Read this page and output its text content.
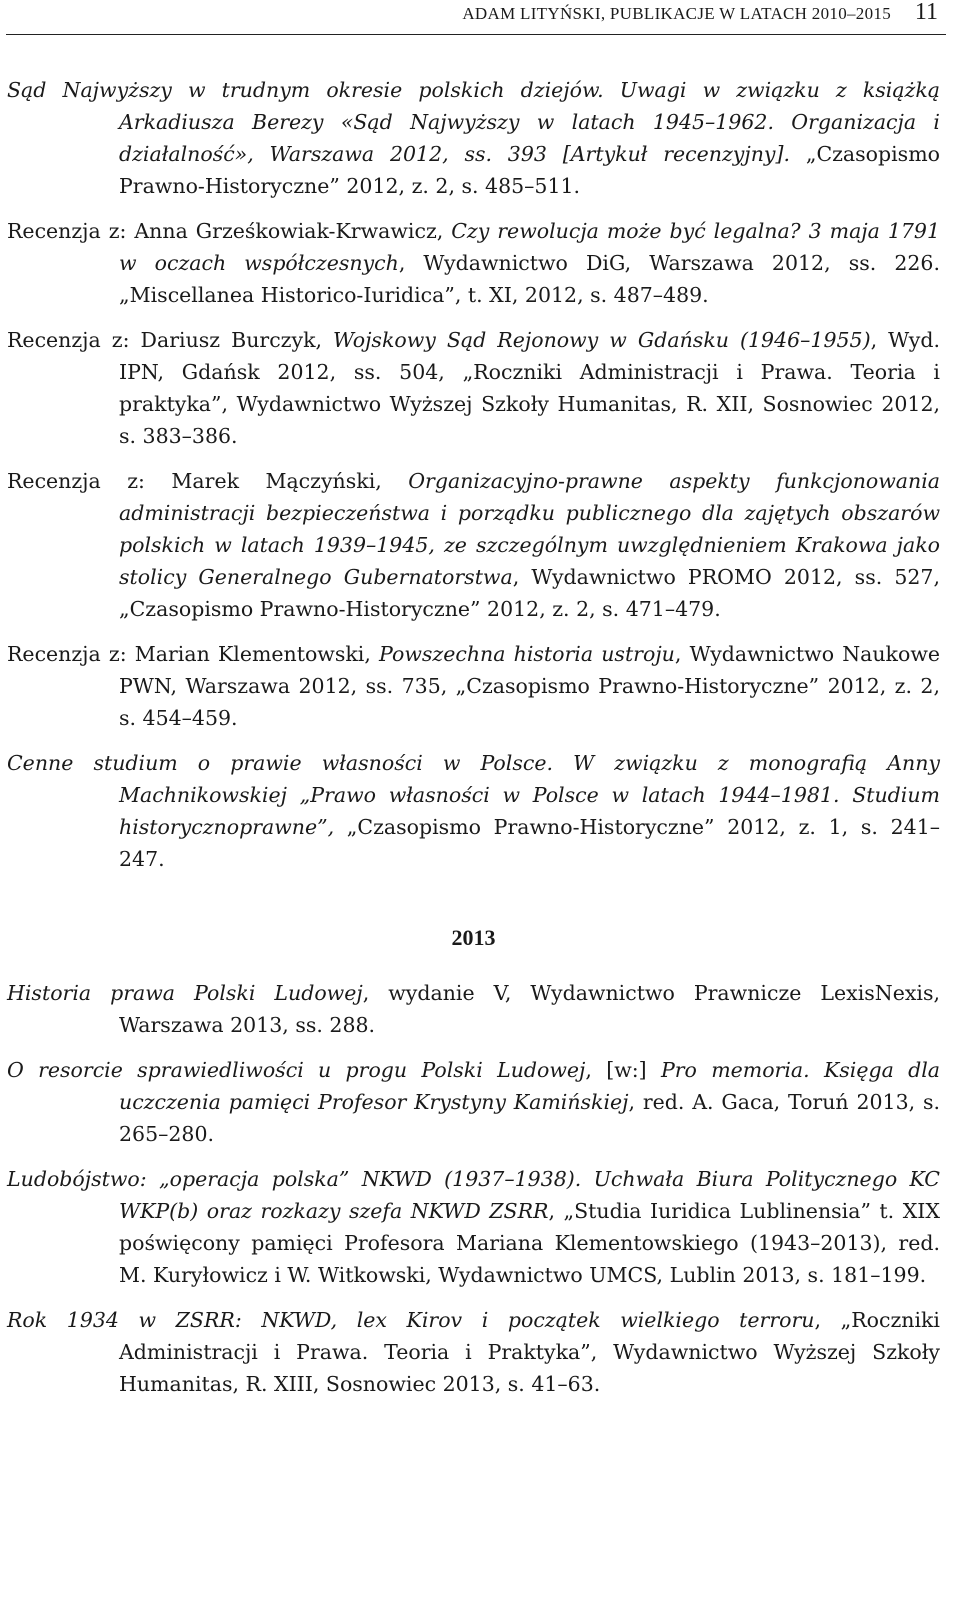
ADAM LITYŃSKI, PUBLIKACJE W LATACH 2010–2015 11

Sąd Najwyższy w trudnym okresie polskich dziejów. Uwagi w związku z książką Arkadiusza Berezy «Sąd Najwyższy w latach 1945–1962. Organizacja i działalność», Warszawa 2012, ss. 393 [Artykuł recenzyjny]. „Czasopismo Prawno-Historyczne” 2012, z. 2, s. 485–511.

Recenzja z: Anna Grześkowiak-Krwawicz, Czy rewolucja może być legalna? 3 maja 1791 w oczach współczesnych, Wydawnictwo DiG, Warszawa 2012, ss. 226. „Miscellanea Historico-Iuridica”, t. XI, 2012, s. 487–489.

Recenzja z: Dariusz Burczyk, Wojskowy Sąd Rejonowy w Gdańsku (1946–1955), Wyd. IPN, Gdańsk 2012, ss. 504, „Roczniki Administracji i Prawa. Teoria i praktyka”, Wydawnictwo Wyższej Szkoły Humanitas, R. XII, Sosnowiec 2012, s. 383–386.

Recenzja z: Marek Mączyński, Organizacyjno-prawne aspekty funkcjonowania administracji bezpieczeństwa i porządku publicznego dla zajętych obszarów polskich w latach 1939–1945, ze szczególnym uwzględnieniem Krakowa jako stolicy Generalnego Gubernatorstwa, Wydawnictwo PROMO 2012, ss. 527, „Czasopismo Prawno-Historyczne” 2012, z. 2, s. 471–479.

Recenzja z: Marian Klementowski, Powszechna historia ustroju, Wydawnictwo Naukowe PWN, Warszawa 2012, ss. 735, „Czasopismo Prawno-Historyczne” 2012, z. 2, s. 454–459.

Cenne studium o prawie własności w Polsce. W związku z monografią Anny Machnikowskiej „Prawo własności w Polsce w latach 1944–1981. Studium historycznoprawne”, „Czasopismo Prawno-Historyczne” 2012, z. 1, s. 241–247.

2013

Historia prawa Polski Ludowej, wydanie V, Wydawnictwo Prawnicze LexisNexis, Warszawa 2013, ss. 288.

O resorcie sprawiedliwości u progu Polski Ludowej, [w:] Pro memoria. Księga dla uczczenia pamięci Profesor Krystyny Kamińskiej, red. A. Gaca, Toruń 2013, s. 265–280.

Ludobójstwo: „operacja polska” NKWD (1937–1938). Uchwała Biura Politycznego KC WKP(b) oraz rozkazy szefa NKWD ZSRR, „Studia Iuridica Lublinensia” t. XIX poświęcony pamięci Profesora Mariana Klementowskiego (1943–2013), red. M. Kuryłowicz i W. Witkowski, Wydawnictwo UMCS, Lublin 2013, s. 181–199.

Rok 1934 w ZSRR: NKWD, lex Kirov i początek wielkiego terroru, „Roczniki Administracji i Prawa. Teoria i Praktyka”, Wydawnictwo Wyższej Szkoły Humanitas, R. XIII, Sosnowiec 2013, s. 41–63.
